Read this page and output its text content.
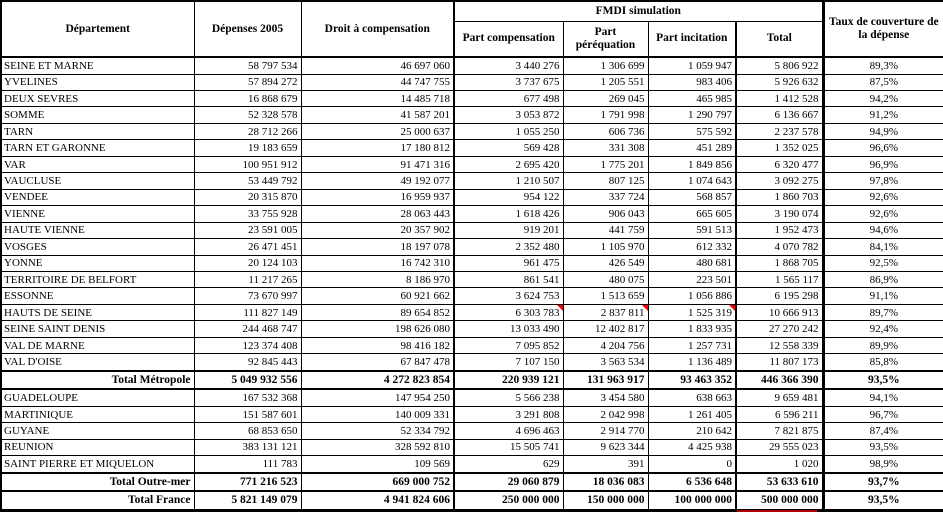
Département	Dépenses 2005	Droit à compensation	FMDI simulation				Taux de couverture de la dépense
			Part compensation	Part péréquation	Part incitation	Total	
SEINE ET MARNE	58 797 534	46 697 060	3 440 276	1 306 699	1 059 947	5 806 922	89,3%
YVELINES	57 894 272	44 747 755	3 737 675	1 205 551	983 406	5 926 632	87,5%
DEUX SEVRES	16 868 679	14 485 718	677 498	269 045	465 985	1 412 528	94,2%
SOMME	52 328 578	41 587 201	3 053 872	1 791 998	1 290 797	6 136 667	91,2%
TARN	28 712 266	25 000 637	1 055 250	606 736	575 592	2 237 578	94,9%
TARN ET GARONNE	19 183 659	17 180 812	569 428	331 308	451 289	1 352 025	96,6%
VAR	100 951 912	91 471 316	2 695 420	1 775 201	1 849 856	6 320 477	96,9%
VAUCLUSE	53 449 792	49 192 077	1 210 507	807 125	1 074 643	3 092 275	97,8%
VENDEE	20 315 870	16 959 937	954 122	337 724	568 857	1 860 703	92,6%
VIENNE	33 755 928	28 063 443	1 618 426	906 043	665 605	3 190 074	92,6%
HAUTE VIENNE	23 591 005	20 357 902	919 201	441 759	591 513	1 952 473	94,6%
VOSGES	26 471 451	18 197 078	2 352 480	1 105 970	612 332	4 070 782	84,1%
YONNE	20 124 103	16 742 310	961 475	426 549	480 681	1 868 705	92,5%
TERRITOIRE DE BELFORT	11 217 265	8 186 970	861 541	480 075	223 501	1 565 117	86,9%
ESSONNE	73 670 997	60 921 662	3 624 753	1 513 659	1 056 886	6 195 298	91,1%
HAUTS DE SEINE	111 827 149	89 654 852	6 303 783	2 837 811	1 525 319	10 666 913	89,7%
SEINE SAINT DENIS	244 468 747	198 626 080	13 033 490	12 402 817	1 833 935	27 270 242	92,4%
VAL DE MARNE	123 374 408	98 416 182	7 095 852	4 204 756	1 257 731	12 558 339	89,9%
VAL D'OISE	92 845 443	67 847 478	7 107 150	3 563 534	1 136 489	11 807 173	85,8%
Total Métropole	5 049 932 556	4 272 823 854	220 939 121	131 963 917	93 463 352	446 366 390	93,5%
GUADELOUPE	167 532 368	147 954 250	5 566 238	3 454 580	638 663	9 659 481	94,1%
MARTINIQUE	151 587 601	140 009 331	3 291 808	2 042 998	1 261 405	6 596 211	96,7%
GUYANE	68 853 650	52 334 792	4 696 463	2 914 770	210 642	7 821 875	87,4%
REUNION	383 131 121	328 592 810	15 505 741	9 623 344	4 425 938	29 555 023	93,5%
SAINT PIERRE ET MIQUELON	111 783	109 569	629	391	0	1 020	98,9%
Total Outre-mer	771 216 523	669 000 752	29 060 879	18 036 083	6 536 648	53 633 610	93,7%
Total France	5 821 149 079	4 941 824 606	250 000 000	150 000 000	100 000 000	500 000 000	93,5%
